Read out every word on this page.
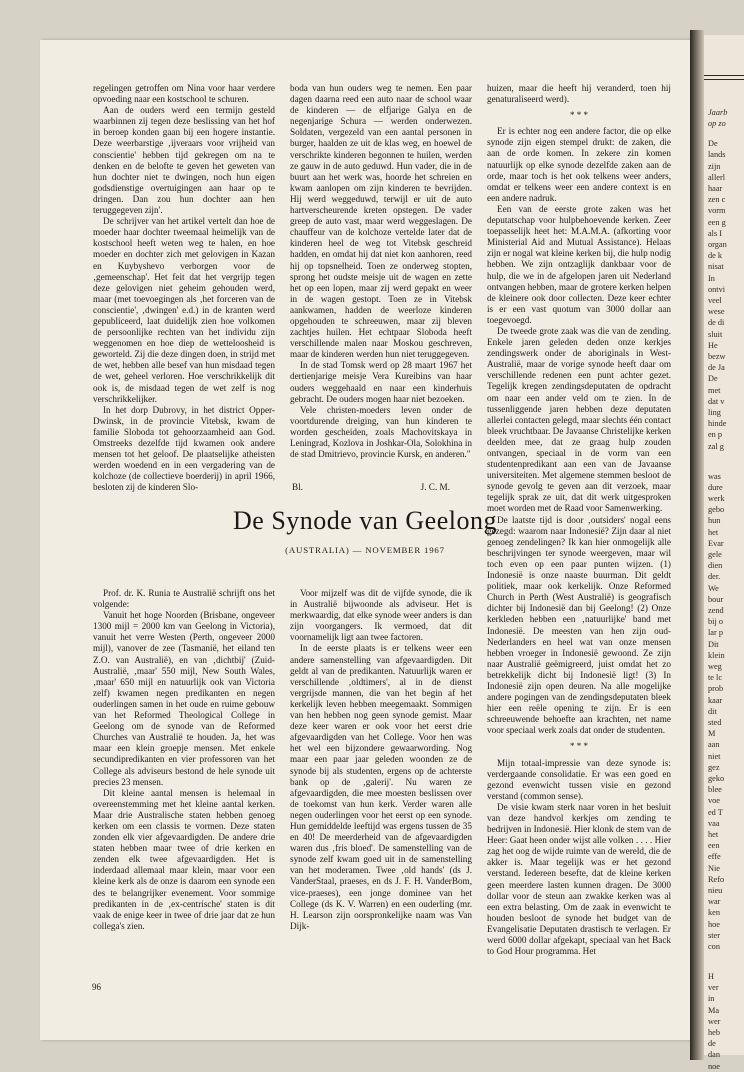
Jaarb
op zo
De
lands
zijn
allerl
haar
zen c
vorm
een g
als I
organ
de k
nisat
In
ontvi
veel
wese
de di
sluit
He
bezw
de Ja
De
met
dat v
ling
hinde
en p
zal g
was
dure
werk
gebo
hun
het
Evar
gele
dien
der.
We
bour
zend
bij o
lar p
Dit
klein
weg
te lc
prob
kaar
dit
sted
M
aan
niet
gez
geko
blee
voe
ed T
vaa
het
een
effe
Nie
Refo
nieu
war
ken
hoe
ster
con
H
ver
in
Ma
wer
heb
de
dan
noe

regelingen getroffen om Nina voor haar verdere opvoeding naar een kostschool te schuren.

Aan de ouders werd een termijn gesteld waarbinnen zij tegen deze beslissing van het hof in beroep konden gaan bij een hogere instantie. Deze weerbarstige ‚ijveraars voor vrijheid van conscientie' hebben tijd gekregen om na te denken en de belofte te geven het geweten van hun dochter niet te dwingen, noch hun eigen godsdienstige overtuigingen aan haar op te dringen. Dan zou hun dochter aan hen teruggegeven zijn'.

De schrijver van het artikel vertelt dan hoe de moeder haar dochter tweemaal heimelijk van de kostschool heeft weten weg te halen, en hoe moeder en dochter zich met gelovigen in Kazan en Kuybyshevo verborgen voor de ‚gemeenschap'. Het feit dat het vergrijp tegen deze gelovigen niet geheim gehouden werd, maar (met toevoegingen als ‚het forceren van de conscientie', ‚dwingen' e.d.) in de kranten werd gepubliceerd, laat duidelijk zien hoe volkomen de persoonlijke rechten van het individu zijn weggenomen en hoe diep de wetteloosheid is geworteld. Zij die deze dingen doen, in strijd met de wet, hebben alle besef van hun misdaad tegen de wet, geheel verloren. Hoe verschrikkelijk dit ook is, de misdaad tegen de wet zelf is nog verschrikkelijker.

In het dorp Dubrovy, in het district Opper-Dwinsk, in de provincie Vitebsk, kwam de familie Sloboda tot gehoorzaamheid aan God. Omstreeks dezelfde tijd kwamen ook andere mensen tot het geloof. De plaatselijke atheisten werden woedend en in een vergadering van de kolchoze (de collectieve boerderij) in april 1966, besloten zij de kinderen Slo-

boda van hun ouders weg te nemen. Een paar dagen daarna reed een auto naar de school waar de kinderen — de elfjarige Galya en de negenjarige Schura — werden onderwezen. Soldaten, vergezeld van een aantal personen in burger, haalden ze uit de klas weg, en hoewel de verschrikte kinderen begonnen te huilen, werden ze gauw in de auto geduwd. Hun vader, die in de buurt aan het werk was, hoorde het schreien en kwam aanlopen om zijn kinderen te bevrijden. Hij werd weggeduwd, terwijl er uit de auto hartverscheurende kreten opstegen. De vader greep de auto vast, maar werd weggeslagen. De chauffeur van de kolchoze vertelde later dat de kinderen heel de weg tot Vitebsk geschreid hadden, en omdat hij dat niet kon aanhoren, reed hij op topsnelheid. Toen ze onderweg stopten, sprong het oudste meisje uit de wagen en zette het op een lopen, maar zij werd gepakt en weer in de wagen gestopt. Toen ze in Vitebsk aankwamen, hadden de weerloze kinderen opgehouden te schreeuwen, maar zij bleven zachtjes huilen. Het echtpaar Sloboda heeft verschillende malen naar Moskou geschreven, maar de kinderen werden hun niet teruggegeven.

In de stad Tomsk werd op 28 maart 1967 het dertienjarige meisje Vera Kureibins van haar ouders weggehaald en naar een kinderhuis gebracht. De ouders mogen haar niet bezoeken.

Vele christen-moeders leven onder de voortdurende dreiging, van hun kinderen te worden gescheiden, zoals Machovitskaya in Leningrad, Kozlova in Joshkar-Ola, Solokhina in de stad Dmitrievo, provincie Kursk, en anderen."

Bl.	J. C. M.

huizen, maar die heeft hij veranderd, toen hij genaturaliseerd werd).

* * *

Er is echter nog een andere factor, die op elke synode zijn eigen stempel drukt: de zaken, die aan de orde komen. In zekere zin komen natuurlijk op elke synode dezelfde zaken aan de orde, maar toch is het ook telkens weer anders, omdat er telkens weer een andere context is en een andere nadruk.

Een van de eerste grote zaken was het deputatschap voor hulpbehoevende kerken. Zeer toepasselijk heet het: M.A.M.A. (afkorting voor Ministerial Aid and Mutual Assistance). Helaas zijn er nogal wat kleine kerken bij, die hulp nodig hebben. We zijn ontzaglijk dankbaar voor de hulp, die we in de afgelopen jaren uit Nederland ontvangen hebben, maar de grotere kerken helpen de kleinere ook door collecten. Deze keer echter is er een vast quotum van 3000 dollar aan toegevoegd.

De tweede grote zaak was die van de zending. Enkele jaren geleden deden onze kerkjes zendingswerk onder de aboriginals in West-Australië, maar de vorige synode heeft daar om verschillende redenen een punt achter gezet. Tegelijk kregen zendingsdeputaten de opdracht om naar een ander veld om te zien. In de tussenliggende jaren hebben deze deputaten allerlei contacten gelegd, maar slechts één contact bleek vruchtbaar. De Javaanse Christelijke kerken deelden mee, dat ze graag hulp zouden ontvangen, speciaal in de vorm van een studentenpredikant aan een van de Javaanse universiteiten. Met algemene stemmen besloot de synode gevolg te geven aan dit verzoek, maar tegelijk sprak ze uit, dat dit werk uitgesproken moet worden met de Raad voor Samenwerking.

De laatste tijd is door ‚outsiders' nogal eens gezegd: waarom naar Indonesië? Zijn daar al niet genoeg zendelingen? Ik kan hier onmogelijk alle beschrijvingen ter synode weergeven, maar wil toch even op een paar punten wijzen. (1) Indonesië is onze naaste buurman. Dit geldt politiek, maar ook kerkelijk. Onze Reformed Church in Perth (West Australië) is geografisch dichter bij Indonesië dan bij Geelong! (2) Onze kerkleden hebben een ‚natuurlijke' band met Indonesië. De meesten van hen zijn oud-Nederlanders en heel wat van onze mensen hebben vroeger in Indonesië gewoond. Ze zijn naar Australië geëmigreerd, juist omdat het zo betrekkelijk dicht bij Indonesië ligt! (3) In Indonesië zijn open deuren. Na alle mogelijke andere pogingen van de zendingsdeputaten bleek hier een reële opening te zijn. Er is een schreeuwende behoefte aan krachten, net name voor speciaal werk zoals dat onder de studenten.

* * *

Mijn totaal-impressie van deze synode is: verdergaande consolidatie. Er was een goed en gezond evenwicht tussen visie en gezond verstand (common sense).

De visie kwam sterk naar voren in het besluit van deze handvol kerkjes om zending te bedrijven in Indonesië. Hier klonk de stem van de Heer: Gaat heen onder wijst alle volken . . . . Hier zag het oog de wijde ruimte van de wereld, die de akker is. Maar tegelijk was er het gezond verstand. Iedereen besefte, dat de kleine kerken geen meerdere lasten kunnen dragen. De 3000 dollar voor de steun aan zwakke kerken was al een extra belasting. Om de zaak in evenwicht te houden besloot de synode het budget van de Evangelisatie Deputaten drastisch te verlagen. Er werd 6000 dollar afgekapt, speciaal van het Back to God Hour programma. Het

De Synode van Geelong
(AUSTRALIA) — NOVEMBER 1967

Prof. dr. K. Runia te Australië schrijft ons het volgende:

Vanuit het hoge Noorden (Brisbane, ongeveer 1300 mijl = 2000 km van Geelong in Victoria), vanuit het verre Westen (Perth, ongeveer 2000 mijl), vanover de zee (Tasmanië, het eiland ten Z.O. van Australië), en van ‚dichtbij' (Zuid-Australië, ‚maar' 550 mijl, New South Wales, ‚maar' 650 mijl en natuurlijk ook van Victoria zelf) kwamen negen predikanten en negen ouderlingen samen in het oude en ruime gebouw van het Reformed Theological College in Geelong om de synode van de Reformed Churches van Australië te houden. Ja, het was maar een klein groepje mensen. Met enkele secundipredikanten en vier professoren van het College als adviseurs bestond de hele synode uit precies 23 mensen.

Dit kleine aantal mensen is helemaal in overeenstemming met het kleine aantal kerken. Maar drie Australische staten hebben genoeg kerken om een classis te vormen. Deze staten zonden elk vier afgevaardigden. De andere drie staten hebben maar twee of drie kerken en zenden elk twee afgevaardigden. Het is inderdaad allemaal maar klein, maar voor een kleine kerk als de onze is daarom een synode een des te belangrijker evenement. Voor sommige predikanten in de ‚ex-centrische' staten is dit vaak de enige keer in twee of drie jaar dat ze hun collega's zien.

Voor mijzelf was dit de vijfde synode, die ik in Australië bijwoonde als adviseur. Het is merkwaardig, dat elke synode weer anders is dan zijn voorgangers. Ik vermoed, dat dit voornamelijk ligt aan twee factoren.

In de eerste plaats is er telkens weer een andere samenstelling van afgevaardigden. Dit geldt al van de predikanten. Natuurlijk waren er verschillende ‚oldtimers', al in de dienst vergrijsde mannen, die van het begin af het kerkelijk leven hebben meegemaakt. Sommigen van hen hebben nog geen synode gemist. Maar deze keer waren er ook voor het eerst drie afgevaardigden van het College. Voor hen was het wel een bijzondere gewaarwording. Nog maar een paar jaar geleden woonden ze de synode bij als studenten, ergens op de achterste bank op de ‚galerij'. Nu waren ze afgevaardigden, die mee moesten beslissen over de toekomst van hun kerk. Verder waren alle negen ouderlingen voor het eerst op een synode. Hun gemiddelde leeftijd was ergens tussen de 35 en 40! De meerderheid van de afgevaardigden waren dus ‚fris bloed'. De samenstelling van de synode zelf kwam goed uit in de samenstelling van het moderamen. Twee ‚old hands' (ds J. VanderStaal, praeses, en ds J. F. H. VanderBom, vice-praeses), een jonge dominee van het College (ds K. V. Warren) en een ouderling (mr. H. Learson zijn oorspronkelijke naam was Van Dijk-

96
